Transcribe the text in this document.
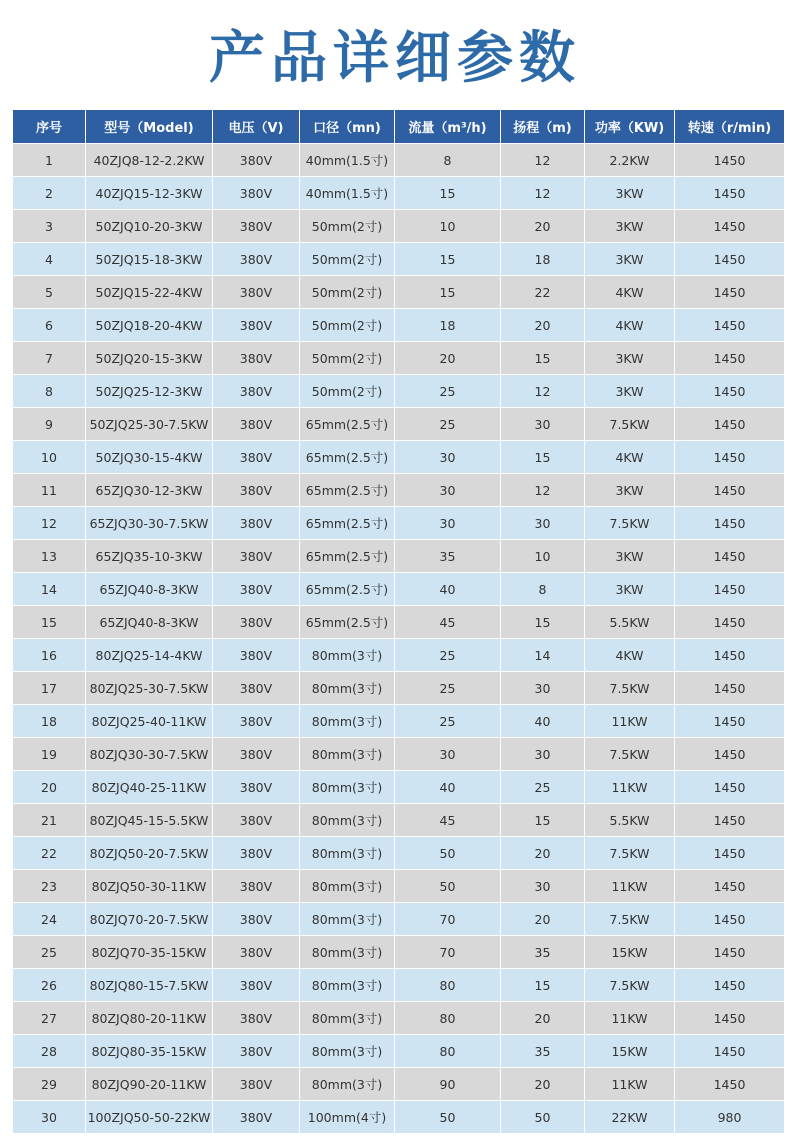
产品详细参数
序号	型号（Model)	电压（V)	口径（mn)	流量（m³/h)	扬程（m)	功率（KW)	转速（r/min)
1	40ZJQ8-12-2.2KW	380V	40mm(1.5寸)	8	12	2.2KW	1450
2	40ZJQ15-12-3KW	380V	40mm(1.5寸)	15	12	3KW	1450
3	50ZJQ10-20-3KW	380V	50mm(2寸)	10	20	3KW	1450
4	50ZJQ15-18-3KW	380V	50mm(2寸)	15	18	3KW	1450
5	50ZJQ15-22-4KW	380V	50mm(2寸)	15	22	4KW	1450
6	50ZJQ18-20-4KW	380V	50mm(2寸)	18	20	4KW	1450
7	50ZJQ20-15-3KW	380V	50mm(2寸)	20	15	3KW	1450
8	50ZJQ25-12-3KW	380V	50mm(2寸)	25	12	3KW	1450
9	50ZJQ25-30-7.5KW	380V	65mm(2.5寸)	25	30	7.5KW	1450
10	50ZJQ30-15-4KW	380V	65mm(2.5寸)	30	15	4KW	1450
11	65ZJQ30-12-3KW	380V	65mm(2.5寸)	30	12	3KW	1450
12	65ZJQ30-30-7.5KW	380V	65mm(2.5寸)	30	30	7.5KW	1450
13	65ZJQ35-10-3KW	380V	65mm(2.5寸)	35	10	3KW	1450
14	65ZJQ40-8-3KW	380V	65mm(2.5寸)	40	8	3KW	1450
15	65ZJQ40-8-3KW	380V	65mm(2.5寸)	45	15	5.5KW	1450
16	80ZJQ25-14-4KW	380V	80mm(3寸)	25	14	4KW	1450
17	80ZJQ25-30-7.5KW	380V	80mm(3寸)	25	30	7.5KW	1450
18	80ZJQ25-40-11KW	380V	80mm(3寸)	25	40	11KW	1450
19	80ZJQ30-30-7.5KW	380V	80mm(3寸)	30	30	7.5KW	1450
20	80ZJQ40-25-11KW	380V	80mm(3寸)	40	25	11KW	1450
21	80ZJQ45-15-5.5KW	380V	80mm(3寸)	45	15	5.5KW	1450
22	80ZJQ50-20-7.5KW	380V	80mm(3寸)	50	20	7.5KW	1450
23	80ZJQ50-30-11KW	380V	80mm(3寸)	50	30	11KW	1450
24	80ZJQ70-20-7.5KW	380V	80mm(3寸)	70	20	7.5KW	1450
25	80ZJQ70-35-15KW	380V	80mm(3寸)	70	35	15KW	1450
26	80ZJQ80-15-7.5KW	380V	80mm(3寸)	80	15	7.5KW	1450
27	80ZJQ80-20-11KW	380V	80mm(3寸)	80	20	11KW	1450
28	80ZJQ80-35-15KW	380V	80mm(3寸)	80	35	15KW	1450
29	80ZJQ90-20-11KW	380V	80mm(3寸)	90	20	11KW	1450
30	100ZJQ50-50-22KW	380V	100mm(4寸)	50	50	22KW	980
